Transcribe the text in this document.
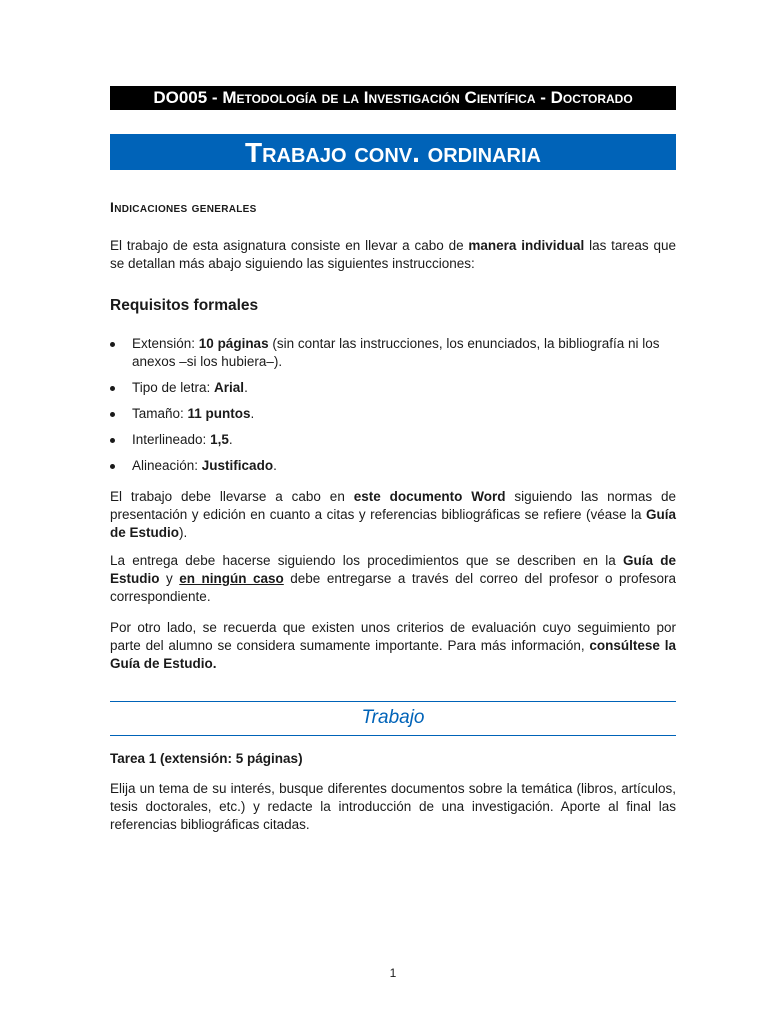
DO005 - Metodología de la Investigación Científica - Doctorado
Trabajo conv. ordinaria
Indicaciones generales

El trabajo de esta asignatura consiste en llevar a cabo de manera individual las tareas que se detallan más abajo siguiendo las siguientes instrucciones:

Requisitos formales
Extensión: 10 páginas (sin contar las instrucciones, los enunciados, la bibliografía ni los anexos –si los hubiera–).
Tipo de letra: Arial.
Tamaño: 11 puntos.
Interlineado: 1,5.
Alineación: Justificado.

El trabajo debe llevarse a cabo en este documento Word siguiendo las normas de presentación y edición en cuanto a citas y referencias bibliográficas se refiere (véase la Guía de Estudio).

La entrega debe hacerse siguiendo los procedimientos que se describen en la Guía de Estudio y en ningún caso debe entregarse a través del correo del profesor o profesora correspondiente.

Por otro lado, se recuerda que existen unos criterios de evaluación cuyo seguimiento por parte del alumno se considera sumamente importante. Para más información, consúltese la Guía de Estudio.

Trabajo
Tarea 1 (extensión: 5 páginas)

Elija un tema de su interés, busque diferentes documentos sobre la temática (libros, artículos, tesis doctorales, etc.) y redacte la introducción de una investigación. Aporte al final las referencias bibliográficas citadas.

1
